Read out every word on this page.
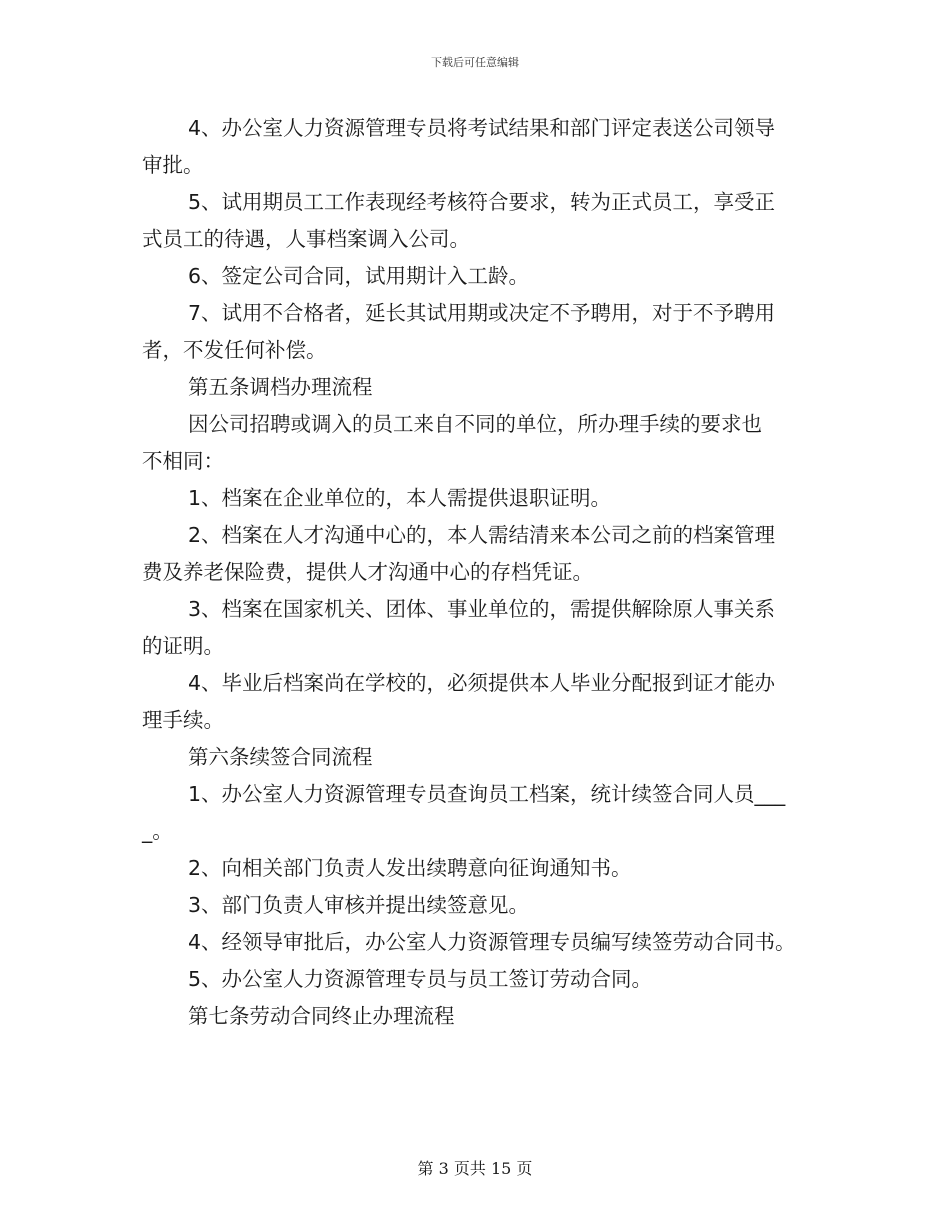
下载后可任意编辑

4、办公室人力资源管理专员将考试结果和部门评定表送公司领导
审批。

5、试用期员工工作表现经考核符合要求，转为正式员工，享受正
式员工的待遇，人事档案调入公司。

6、签定公司合同，试用期计入工龄。

7、试用不合格者，延长其试用期或决定不予聘用，对于不予聘用
者，不发任何补偿。

第五条调档办理流程

因公司招聘或调入的员工来自不同的单位，所办理手续的要求也
不相同：

1、档案在企业单位的，本人需提供退职证明。

2、档案在人才沟通中心的，本人需结清来本公司之前的档案管理
费及养老保险费，提供人才沟通中心的存档凭证。

3、档案在国家机关、团体、事业单位的，需提供解除原人事关系
的证明。

4、毕业后档案尚在学校的，必须提供本人毕业分配报到证才能办
理手续。

第六条续签合同流程

1、办公室人力资源管理专员查询员工档案，统计续签合同人员___
_。

2、向相关部门负责人发出续聘意向征询通知书。

3、部门负责人审核并提出续签意见。

4、经领导审批后，办公室人力资源管理专员编写续签劳动合同书。

5、办公室人力资源管理专员与员工签订劳动合同。

第七条劳动合同终止办理流程

第 3 页共 15 页
